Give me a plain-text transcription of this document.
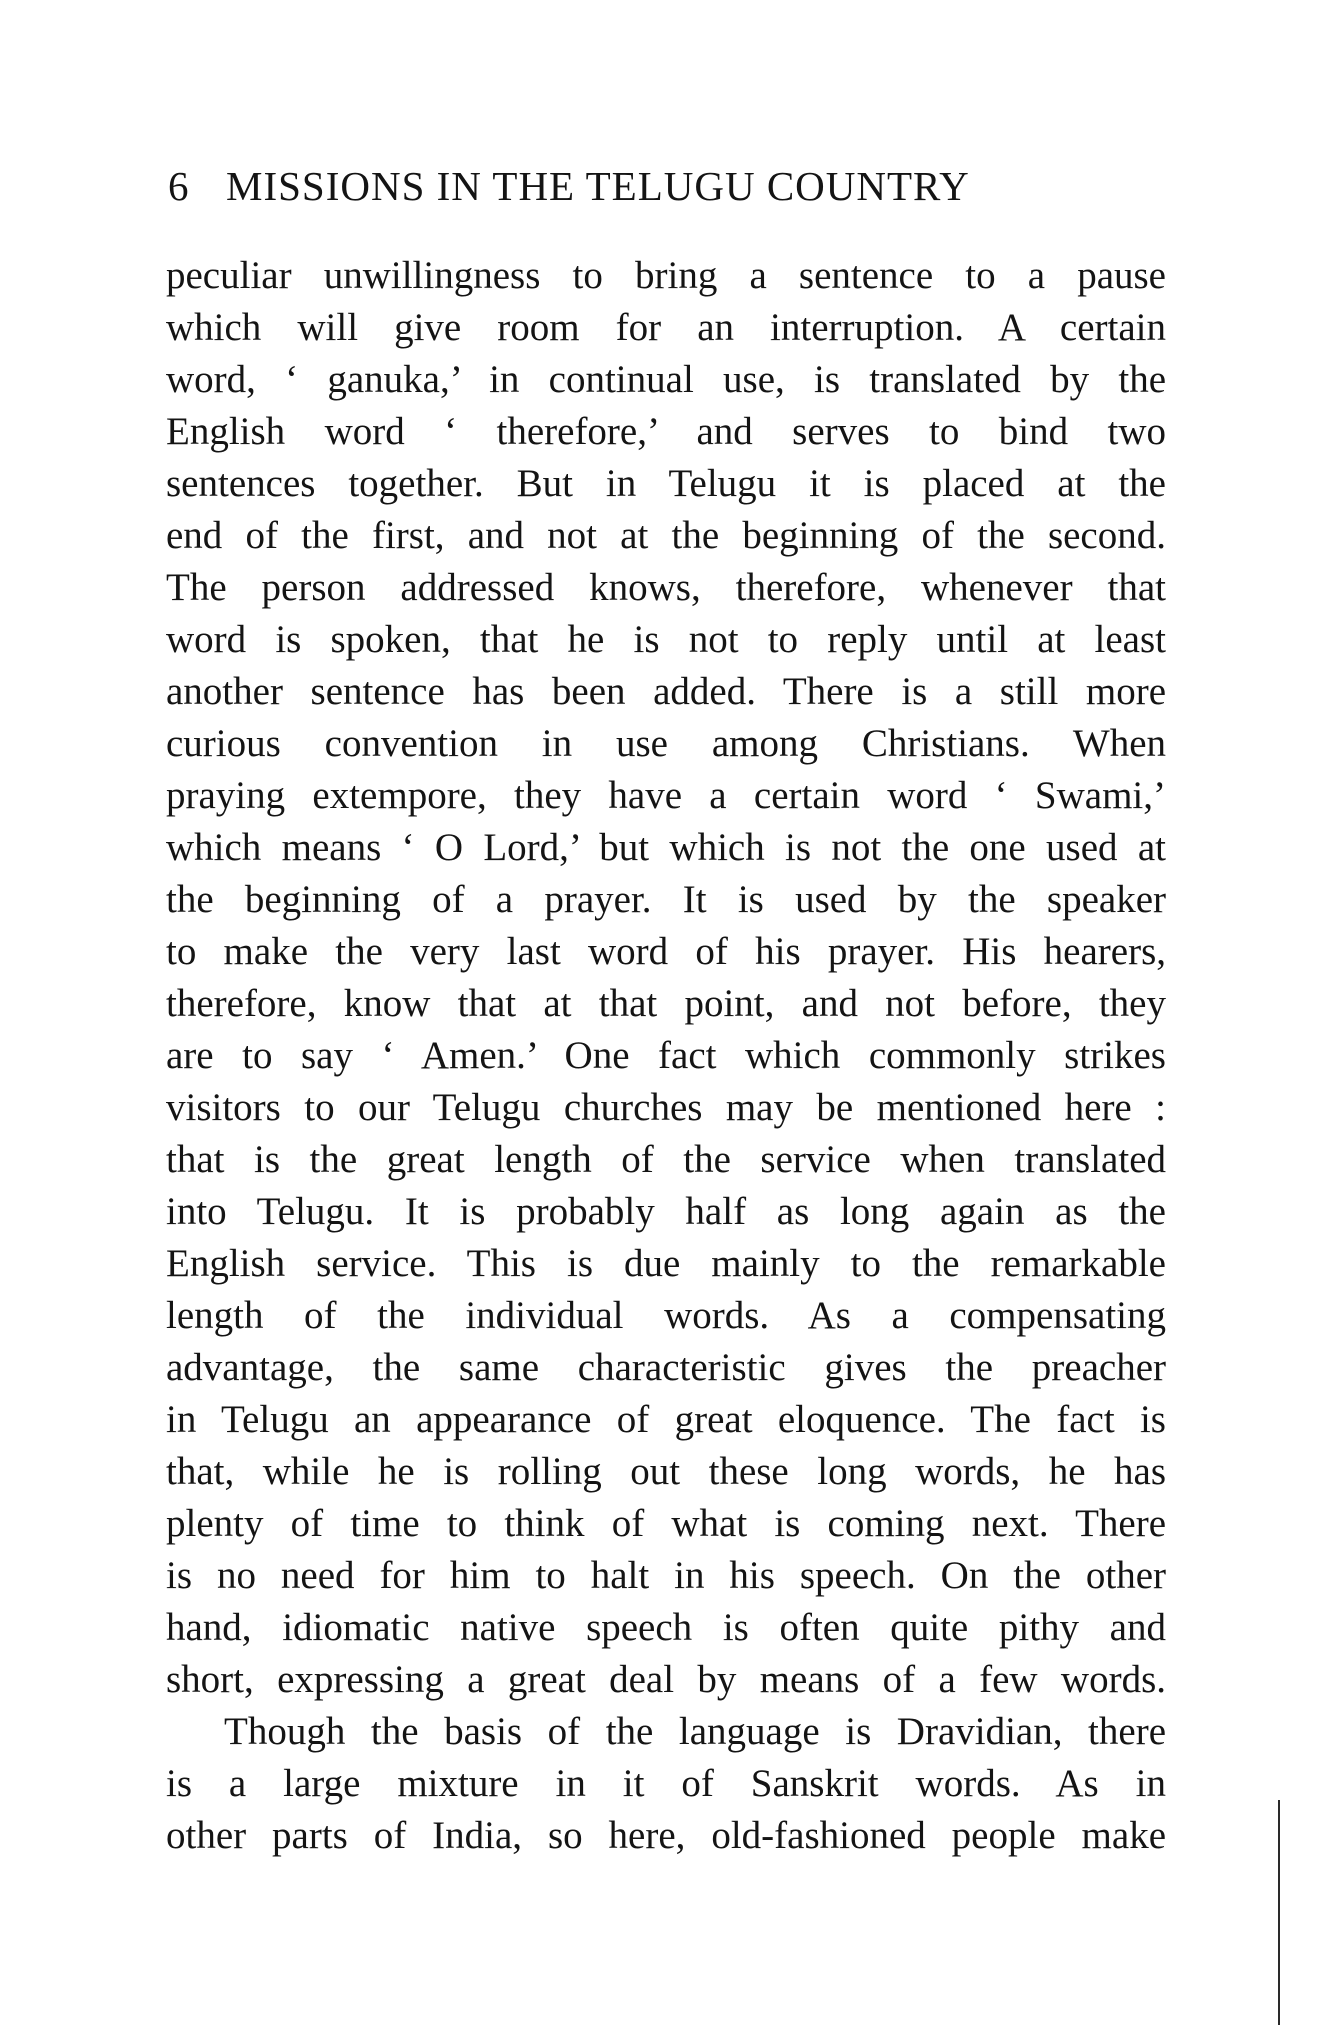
6 MISSIONS IN THE TELUGU COUNTRY
peculiar unwillingness to bring a sentence to a pause
which will give room for an interruption. A certain
word, ‘ ganuka,’ in continual use, is translated by the
English word ‘ therefore,’ and serves to bind two
sentences together. But in Telugu it is placed at the
end of the first, and not at the beginning of the second.
The person addressed knows, therefore, whenever that
word is spoken, that he is not to reply until at least
another sentence has been added. There is a still more
curious convention in use among Christians. When
praying extempore, they have a certain word ‘ Swami,’
which means ‘ O Lord,’ but which is not the one used at
the beginning of a prayer. It is used by the speaker
to make the very last word of his prayer. His hearers,
therefore, know that at that point, and not before, they
are to say ‘ Amen.’ One fact which commonly strikes
visitors to our Telugu churches may be mentioned here :
that is the great length of the service when translated
into Telugu. It is probably half as long again as the
English service. This is due mainly to the remarkable
length of the individual words. As a compensating
advantage, the same characteristic gives the preacher
in Telugu an appearance of great eloquence. The fact is
that, while he is rolling out these long words, he has
plenty of time to think of what is coming next. There
is no need for him to halt in his speech. On the other
hand, idiomatic native speech is often quite pithy and
short, expressing a great deal by means of a few words.
Though the basis of the language is Dravidian, there
is a large mixture in it of Sanskrit words. As in
other parts of India, so here, old-fashioned people make
